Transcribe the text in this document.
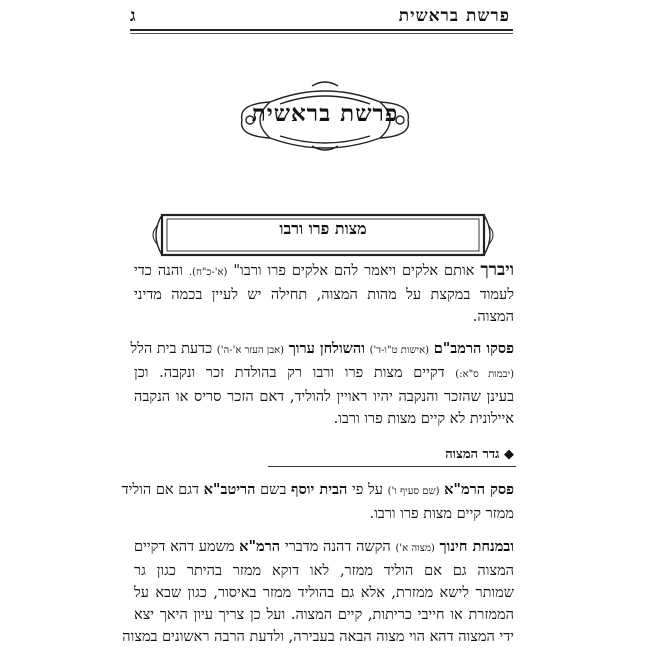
פרשת בראשית
ג
פרשת בראשית
מצות פרו ורבו
ויברך אותם אלקים ויאמר להם אלקים פרו ורבו" (א'-כ"ח). והנה כדי
לעמוד במקצת על מהות המצוה, תחילה יש לעיין בכמה מדיני
המצוה.
פסקו הרמב"ם (אישות ט"ו-ד') והשולחן ערוך (אבן העזר א'-ה') כדעת בית הלל
(יבמות ס"א:) דקיים מצות פרו ורבו רק בהולדת זכר ונקבה. וכן
בעינן שהזכר והנקבה יהיו ראויין להוליד, דאם הזכר סריס או הנקבה
איילונית לא קיים מצות פרו ורבו.
◆ גדר המצוה
פסק הרמ"א (שם סעיף ו') על פי הבית יוסף בשם הריטב"א דגם אם הוליד
ממזר קיים מצות פרו ורבו.
ובמנחת חינוך (מצוה א') הקשה דהנה מדברי הרמ"א משמע דהא דקיים
המצוה גם אם הוליד ממזר, לאו דוקא ממזר בהיתר כגון גר
שמותר לישא ממזרת, אלא גם בהוליד ממזר באיסור, כגון שבא על
הממזרת או חייבי כריתות, קיים המצוה. ועל כן צריך עיון היאך יצא
ידי המצוה דהא הוי מצוה הבאה בעבירה, ולדעת הרבה ראשונים במצוה
